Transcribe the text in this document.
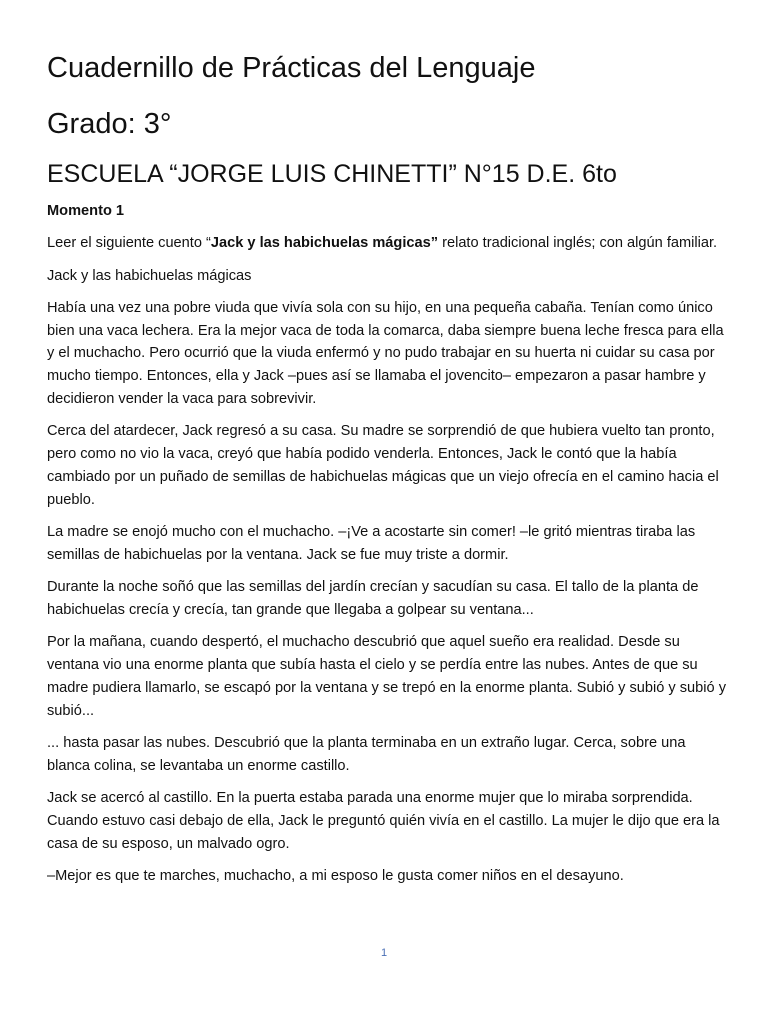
Cuadernillo de Prácticas del Lenguaje
Grado: 3°
ESCUELA “JORGE LUIS CHINETTI” N°15 D.E. 6to

Momento 1

Leer el siguiente cuento “Jack y las habichuelas mágicas” relato tradicional inglés; con algún familiar.

Jack y las habichuelas mágicas

Había una vez una pobre viuda que vivía sola con su hijo, en una pequeña cabaña. Tenían como único bien una vaca lechera. Era la mejor vaca de toda la comarca, daba siempre buena leche fresca para ella y el muchacho. Pero ocurrió que la viuda enfermó y no pudo trabajar en su huerta ni cuidar su casa por mucho tiempo. Entonces, ella y Jack –pues así se llamaba el jovencito– empezaron a pasar hambre y decidieron vender la vaca para sobrevivir.

Cerca del atardecer, Jack regresó a su casa. Su madre se sorprendió de que hubiera vuelto tan pronto, pero como no vio la vaca, creyó que había podido venderla. Entonces, Jack le contó que la había cambiado por un puñado de semillas de habichuelas mágicas que un viejo ofrecía en el camino hacia el pueblo.

La madre se enojó mucho con el muchacho. –¡Ve a acostarte sin comer! –le gritó mientras tiraba las semillas de habichuelas por la ventana. Jack se fue muy triste a dormir.

Durante la noche soñó que las semillas del jardín crecían y sacudían su casa. El tallo de la planta de habichuelas crecía y crecía, tan grande que llegaba a golpear su ventana...

Por la mañana, cuando despertó, el muchacho descubrió que aquel sueño era realidad. Desde su ventana vio una enorme planta que subía hasta el cielo y se perdía entre las nubes. Antes de que su madre pudiera llamarlo, se escapó por la ventana y se trepó en la enorme planta. Subió y subió y subió y subió...

... hasta pasar las nubes. Descubrió que la planta terminaba en un extraño lugar. Cerca, sobre una blanca colina, se levantaba un enorme castillo.

Jack se acercó al castillo. En la puerta estaba parada una enorme mujer que lo miraba sorprendida. Cuando estuvo casi debajo de ella, Jack le preguntó quién vivía en el castillo. La mujer le dijo que era la casa de su esposo, un malvado ogro.

–Mejor es que te marches, muchacho, a mi esposo le gusta comer niños en el desayuno.

1
